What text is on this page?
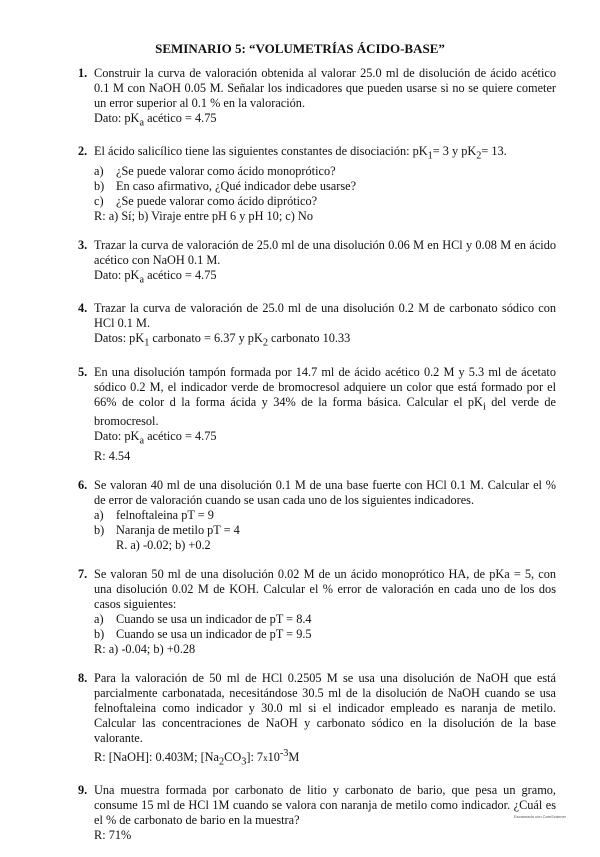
SEMINARIO 5: “VOLUMETRÍAS ÁCIDO-BASE”
1. Construir la curva de valoración obtenida al valorar 25.0 ml de disolución de ácido acético 0.1 M con NaOH 0.05 M. Señalar los indicadores que pueden usarse si no se quiere cometer un error superior al 0.1 % en la valoración.

Dato: $pK_a$ acético = 4.75

2. El ácido salicílico tiene las siguientes constantes de disociación: $pK_1= 3$ y $pK_2= 13$.

a) ¿Se puede valorar como ácido monoprótico?
b) En caso afirmativo, ¿Qué indicador debe usarse?
c) ¿Se puede valorar como ácido diprótico?

R: a) Sí; b) Viraje entre pH 6 y pH 10; c) No

3. Trazar la curva de valoración de 25.0 ml de una disolución 0.06 M en HCl y 0.08 M en ácido acético con NaOH 0.1 M.

Dato: $pK_a$ acético = 4.75

4. Trazar la curva de valoración de 25.0 ml de una disolución 0.2 M de carbonato sódico con HCl 0.1 M.

Datos: $pK_1$ carbonato = 6.37 y $pK_2$ carbonato 10.33

5. En una disolución tampón formada por 14.7 ml de ácido acético 0.2 M y 5.3 ml de ácetato sódico 0.2 M, el indicador verde de bromocresol adquiere un color que está formado por el 66% de color d la forma ácida y 34% de la forma básica. Calcular el $pK_i$ del verde de bromocresol.

Dato: $pK_a$ acético = 4.75

R: 4.54

6. Se valoran 40 ml de una disolución 0.1 M de una base fuerte con HCl 0.1 M. Calcular el % de error de valoración cuando se usan cada uno de los siguientes indicadores.

a) felnoftaleina pT = 9
b) Naranja de metilo pT = 4
R. a) -0.02; b) +0.2
7. Se valoran 50 ml de una disolución 0.02 M de un ácido monoprótico HA, de pKa = 5, con una disolución 0.02 M de KOH. Calcular el % error de valoración en cada uno de los dos casos siguientes:

a) Cuando se usa un indicador de pT = 8.4
b) Cuando se usa un indicador de pT = 9.5

R: a) -0.04; b) +0.28

8. Para la valoración de 50 ml de HCl 0.2505 M se usa una disolución de NaOH que está parcialmente carbonatada, necesitándose 30.5 ml de la disolución de NaOH cuando se usa felnoftaleina como indicador y 30.0 ml si el indicador empleado es naranja de metilo. Calcular las concentraciones de NaOH y carbonato sódico en la disolución de la base valorante.

R: [NaOH]: 0.403M; $[Na_2CO_3]$: $7x10^{-3}M$

9. Una muestra formada por carbonato de litio y carbonato de bario, que pesa un gramo, consume 15 ml de HCl 1M cuando se valora con naranja de metilo como indicador. ¿Cuál es el % de carbonato de bario en la muestra?

R: 71%

Escaneado con CamScanner
